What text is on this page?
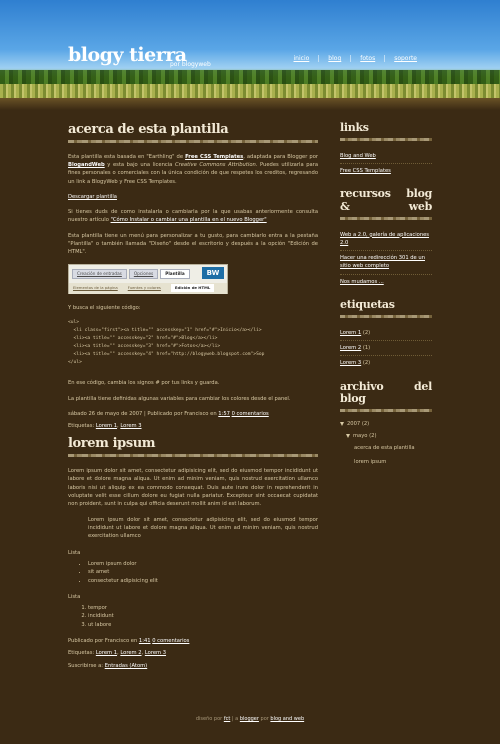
blogy tierra
por blogyweb
inicio	blog	fotos	soporte
acerca de esta plantilla
Esta plantilla esta basada en "Earthling" de Free CSS Templates, adaptada para Blogger por BlogandWeb y esta bajo una licencia Creative Commons Attribution. Puedes utilizarla para fines personales o comerciales con la única condición de que respetes los creditos, regresando un link a BlogyWeb y Free CSS Templates.
Descargar plantilla
Si tienes duds de como instalarla o cambiarla por la que usabas anteriormente consulta nuestro artículo "Cómo Instalar o cambiar una plantilla en el nuevo Blogger"
Esta plantilla tiene un menú para personalizar a tu gusto, para cambiarlo entra a la pestaña "Plantilla" o también llamada "Diseño" desde el escritorio y después a la opción "Edición de HTML".
Creación de entradas	Opciones	Plantilla	BW
Elementos de la página	Fuentes y colores	Edición de HTML
Y busca el siguiente código:
<ul>
<li class="first"><a title="" accesskey="1" href="#">Inicio</a></li>
<li><a title="" accesskey="2" href="#">Blog</a></li>
<li><a title="" accesskey="3" href="#">Fotos</a></li>
<li><a title="" accesskey="4" href="http://blogyweb.blogspot.com">Sop
</ul>
En ese código, cambia los signos # por tus links y guarda.
La plantilla tiene definidas algunas variables para cambiar los colores desde el panel.
sábado 26 de mayo de 2007 | Publicado por Francisco en 1:57 0 comentarios
Etiquetas: Lorem 1, Lorem 3
lorem ipsum
Lorem ipsum dolor sit amet, consectetur adipisicing elit, sed do eiusmod tempor incididunt ut labore et dolore magna aliqua. Ut enim ad minim veniam, quis nostrud exercitation ullamco laboris nisi ut aliquip ex ea commodo consequat. Duis aute irure dolor in reprehenderit in voluptate velit esse cillum dolore eu fugiat nulla pariatur. Excepteur sint occaecat cupidatat non proident, sunt in culpa qui officia deserunt mollit anim id est laborum.
Lorem ipsum dolor sit amet, consectetur adipisicing elit, sed do eiusmod tempor incididunt ut labore et dolore magna aliqua. Ut enim ad minim veniam, quis nostrud exercitation ullamco
Lista
• Lorem ipsum dolor
• sit amet
• consectetur adipisicing elit
Lista
1. tempor
2. incididunt
3. ut labore
Publicado por Francisco en 1:41 0 comentarios
Etiquetas: Lorem 1, Lorem 2, Lorem 3
Suscribirse a: Entradas (Atom)
links
Blog and Web
Free CSS Templates
recursos blog & web
Web a 2.0, galería de aplicaciones 2.0
Hacer una redirección 301 de un sitio web completo
Nos mudamos ...
etiquetas
Lorem 1 (2)
Lorem 2 (1)
Lorem 3 (2)
archivo del blog
2007
(2)
mayo
(2)
acerca de esta plantilla
lorem ipsum
diseño por fct | a blogger por blog and web
